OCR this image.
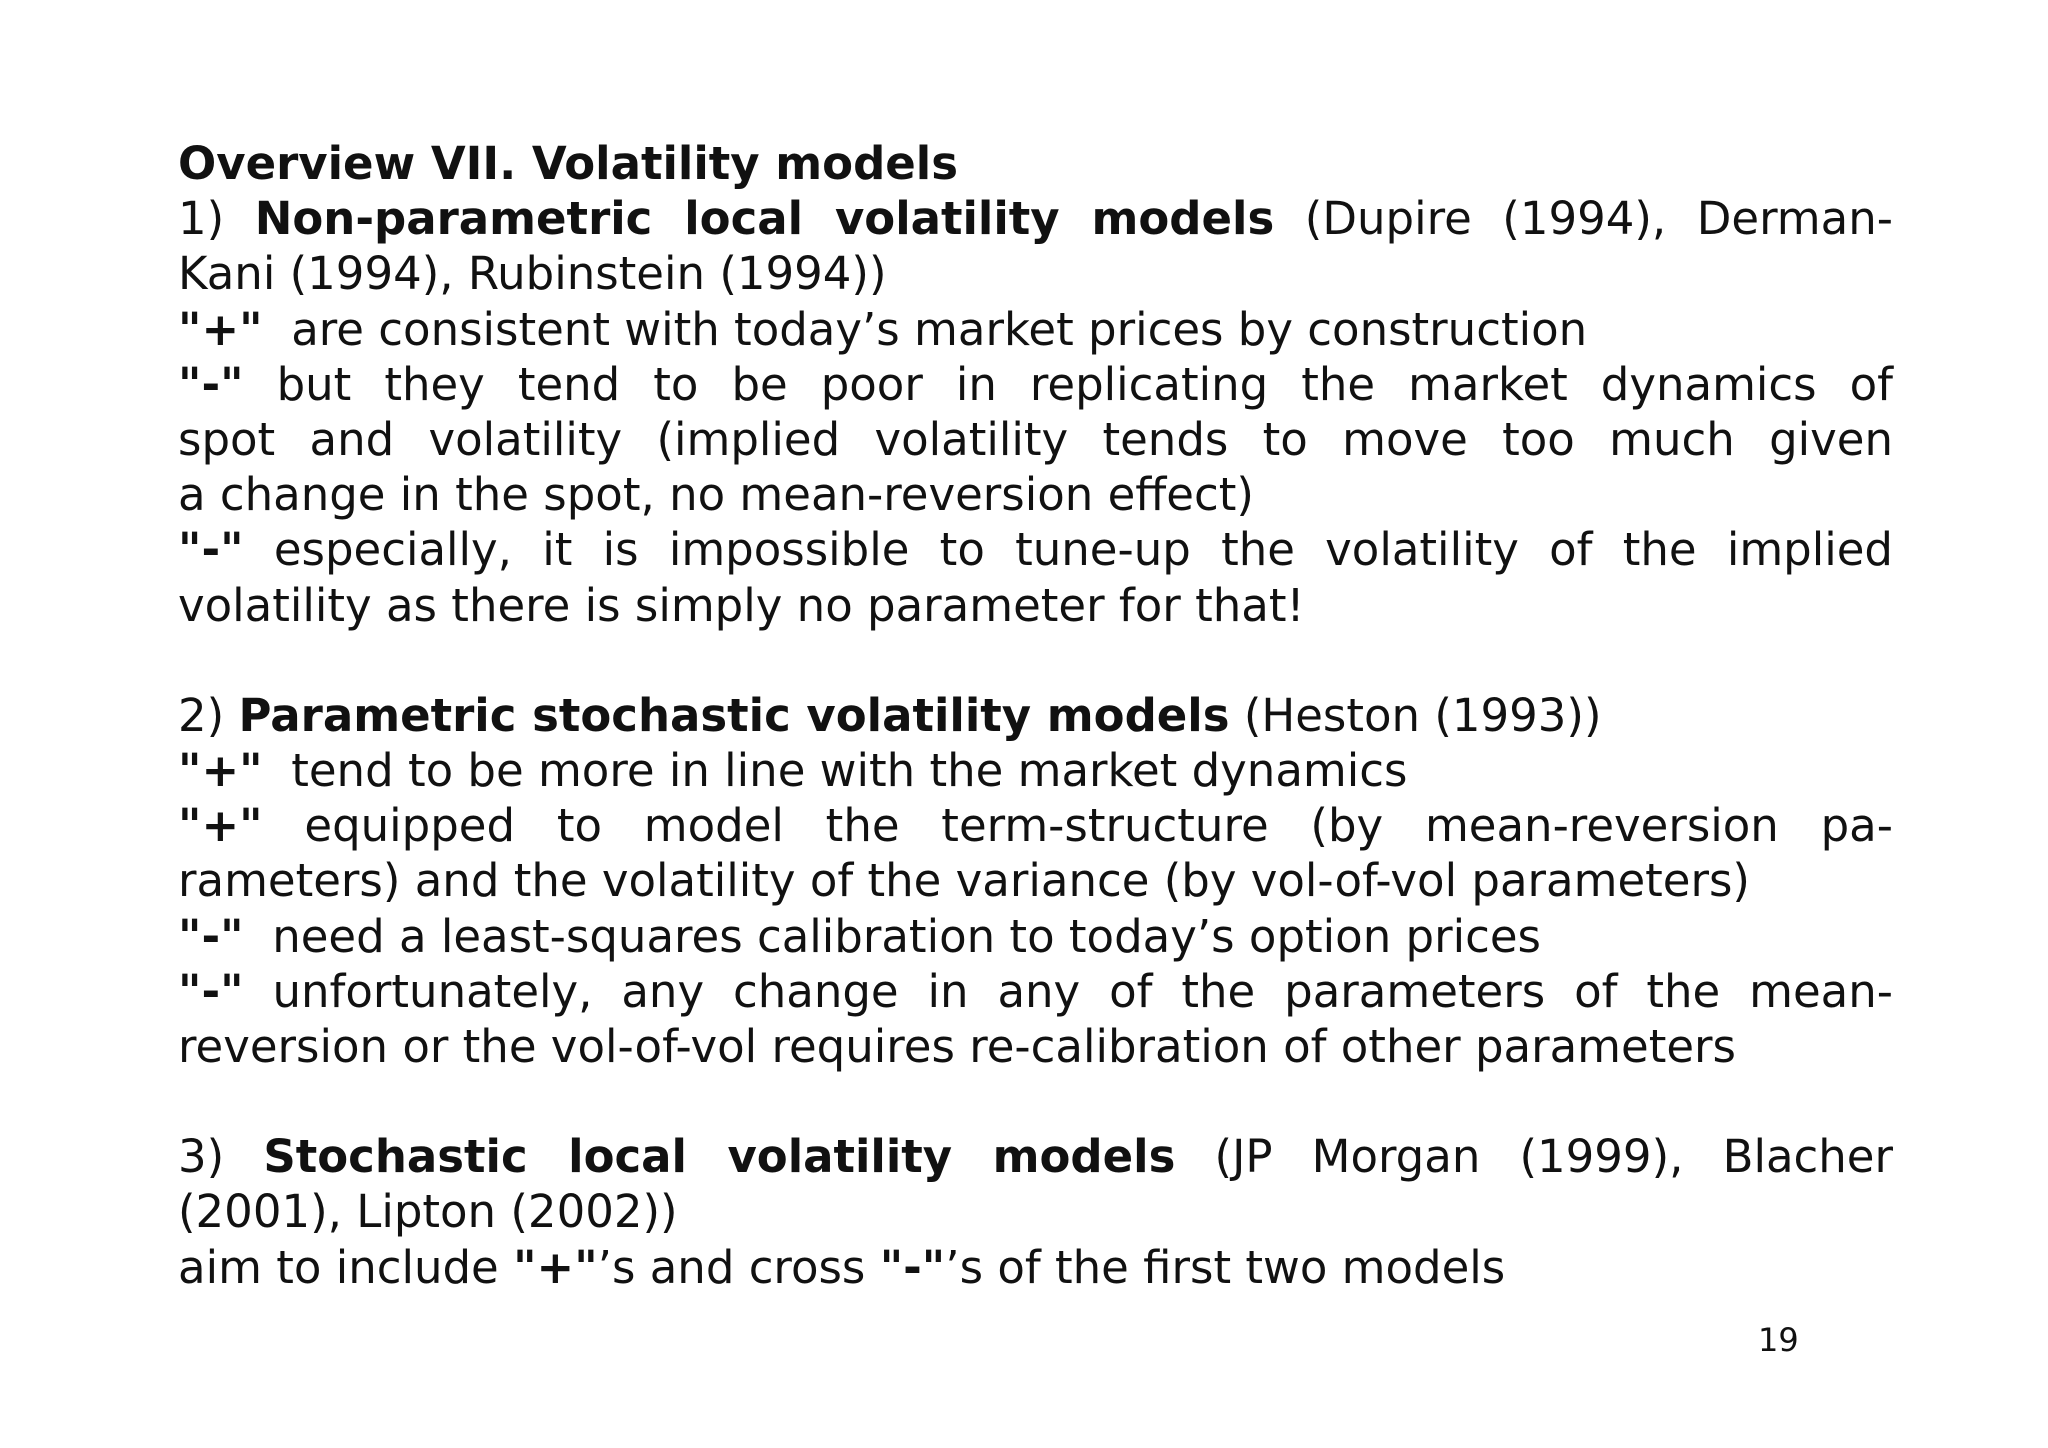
Overview VII. Volatility models
1) Non-parametric local volatility models (Dupire (1994), Derman-
Kani (1994), Rubinstein (1994))
"+" are consistent with today’s market prices by construction
"-" but they tend to be poor in replicating the market dynamics of
spot and volatility (implied volatility tends to move too much given
a change in the spot, no mean-reversion effect)
"-" especially, it is impossible to tune-up the volatility of the implied
volatility as there is simply no parameter for that!
2) Parametric stochastic volatility models (Heston (1993))
"+" tend to be more in line with the market dynamics
"+" equipped to model the term-structure (by mean-reversion pa-
rameters) and the volatility of the variance (by vol-of-vol parameters)
"-" need a least-squares calibration to today’s option prices
"-" unfortunately, any change in any of the parameters of the mean-
reversion or the vol-of-vol requires re-calibration of other parameters
3) Stochastic local volatility models (JP Morgan (1999), Blacher
(2001), Lipton (2002))
aim to include "+"’s and cross "-"’s of the first two models
19
